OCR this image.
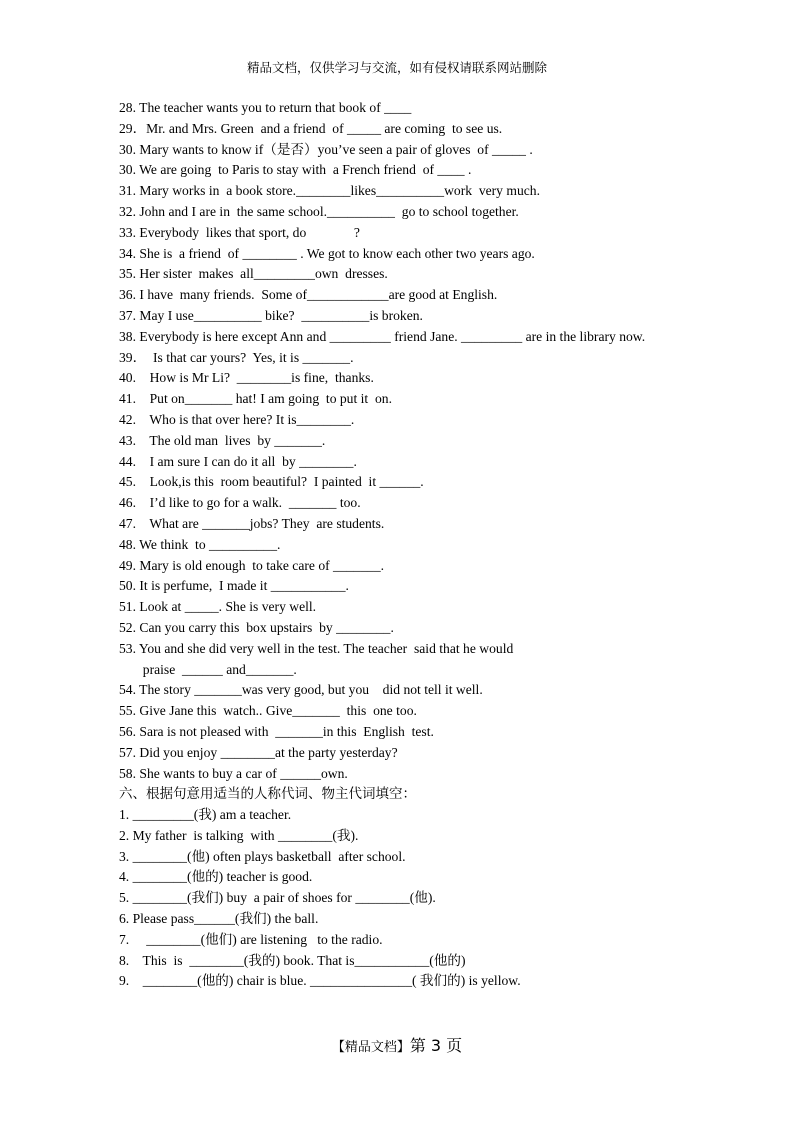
精品文档，仅供学习与交流，如有侵权请联系网站删除
28. The teacher wants you to return that book of ____
29．Mr. and Mrs. Green  and a friend  of _____ are coming  to see us.
30. Mary wants to know if（是否）you’ve seen a pair of gloves  of _____ .
30. We are going  to Paris to stay with  a French friend  of ____ .
31. Mary works in  a book store.________likes__________work  very much.
32. John and I are in  the same school.__________  go to school together.
33. Everybody  likes that sport, do              ?
34. She is  a friend  of ________ . We got to know each other two years ago.
35. Her sister  makes  all_________own  dresses.
36. I have  many friends.  Some of____________are good at English.
37. May I use__________ bike?  __________is broken.
38. Everybody is here except Ann and _________ friend Jane. _________ are in the library now.
39．  Is that car yours?  Yes, it is _______.
40.    How is Mr Li?  ________is fine,  thanks.
41.    Put on_______ hat! I am going  to put it  on.
42.    Who is that over here? It is________.
43.    The old man  lives  by _______.
44.    I am sure I can do it all  by ________.
45.    Look,is this  room beautiful?  I painted  it ______.
46.    I’d like to go for a walk.  _______ too.
47.    What are _______jobs? They  are students.
48. We think  to __________.
49. Mary is old enough  to take care of _______.
50. It is perfume,  I made it ___________.
51. Look at _____. She is very well.
52. Can you carry this  box upstairs  by ________.
53. You and she did very well in the test. The teacher  said that he would
praise  ______ and_______.
54. The story _______was very good, but you    did not tell it well.
55. Give Jane this  watch.. Give_______  this  one too.
56. Sara is not pleased with  _______in this  English  test.
57. Did you enjoy ________at the party yesterday?
58. She wants to buy a car of ______own.
六、根据句意用适当的人称代词、物主代词填空：
1. _________(我) am a teacher.
2. My father  is talking  with ________(我).
3. ________(他) often plays basketball  after school.
4. ________(他的) teacher is good.
5. ________(我们) buy  a pair of shoes for ________(他).
6. Please pass______(我们) the ball.
7.     ________(他们) are listening   to the radio.
8.    This  is  ________(我的) book. That is___________(他的)
9.    ________(他的) chair is blue. _______________( 我们的) is yellow.
【精品文档】第 3 页
